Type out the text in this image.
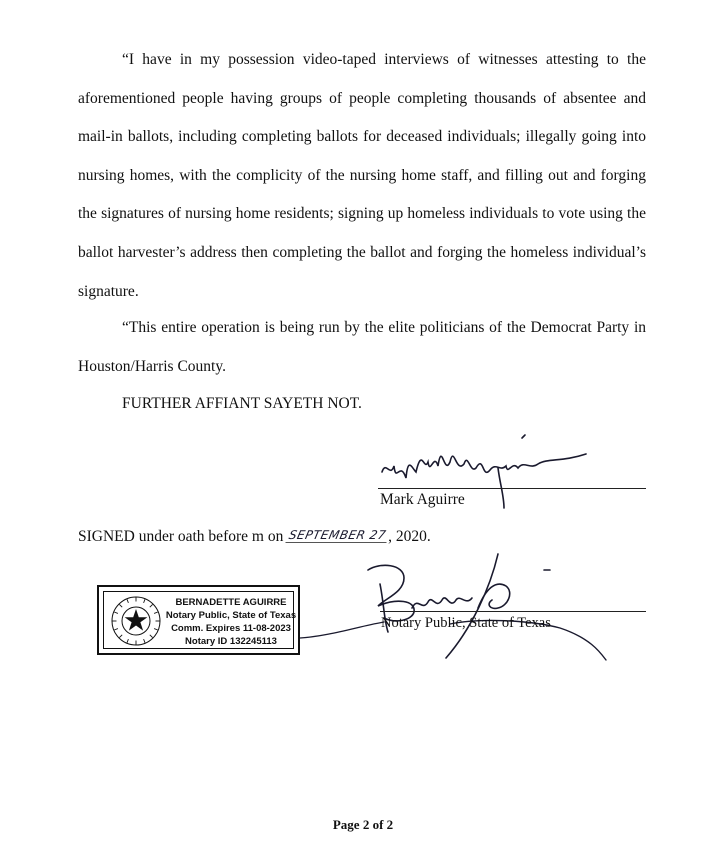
“I have in my possession video-taped interviews of witnesses attesting to the aforementioned people having groups of people completing thousands of absentee and mail-in ballots, including completing ballots for deceased individuals; illegally going into nursing homes, with the complicity of the nursing home staff, and filling out and forging the signatures of nursing home residents; signing up homeless individuals to vote using the ballot harvester’s address then completing the ballot and forging the homeless individual’s signature.

“This entire operation is being run by the elite politicians of the Democrat Party in Houston/Harris County.

FURTHER AFFIANT SAYETH NOT.
Mark Aguirre
SIGNED under oath before m on SEPTEMBER 27, 2020.
Notary Public, State of Texas
BERNADETTE AGUIRRE
Notary Public, State of Texas
Comm. Expires 11-08-2023
Notary ID 132245113
Page 2 of 2
